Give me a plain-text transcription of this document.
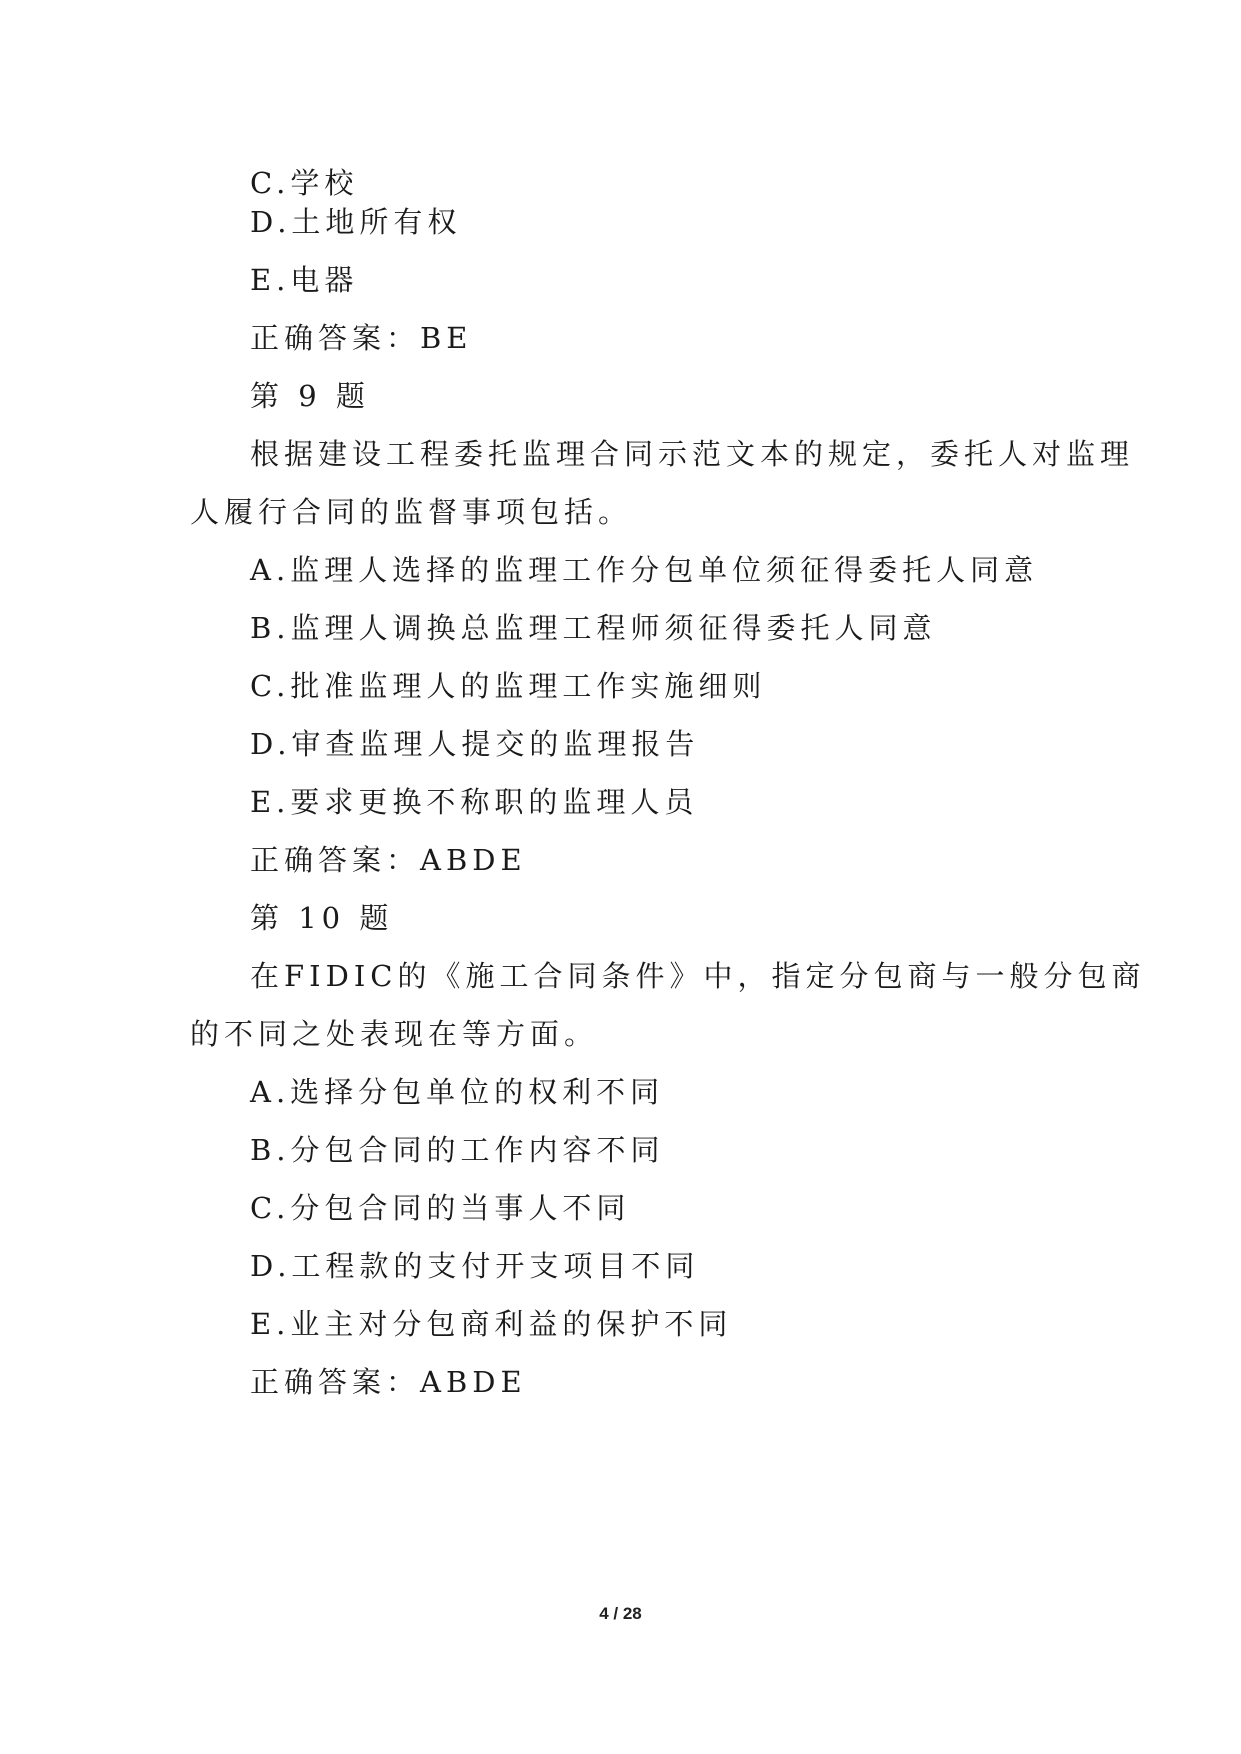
C.学校
D.土地所有权
E.电器
正确答案：BE
第 9 题
根据建设工程委托监理合同示范文本的规定，委托人对监理
人履行合同的监督事项包括。
A.监理人选择的监理工作分包单位须征得委托人同意
B.监理人调换总监理工程师须征得委托人同意
C.批准监理人的监理工作实施细则
D.审查监理人提交的监理报告
E.要求更换不称职的监理人员
正确答案：ABDE
第 10 题
在FIDIC的《施工合同条件》中，指定分包商与一般分包商
的不同之处表现在等方面。
A.选择分包单位的权利不同
B.分包合同的工作内容不同
C.分包合同的当事人不同
D.工程款的支付开支项目不同
E.业主对分包商利益的保护不同
正确答案：ABDE
4 / 28
